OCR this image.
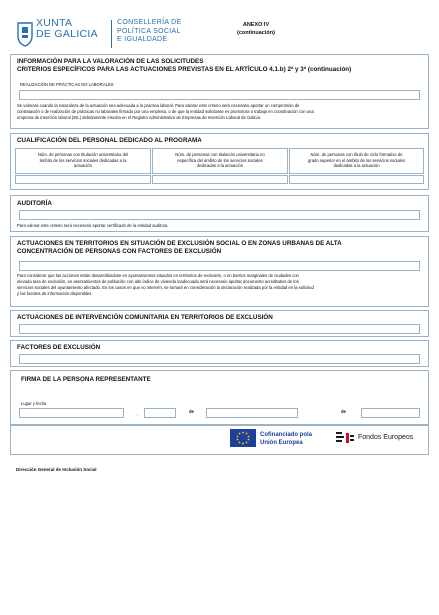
XUNTA
DE GALICIA
CONSELLERÍA DE
POLÍTICA SOCIAL
E IGUALDADE
ANEXO IV
(continuación)
INFORMACIÓN PARA LA VALORACIÓN DE LAS SOLICITUDES
CRITERIOS ESPECÍFICOS PARA LAS ACTUACIONES PREVISTAS EN EL ARTÍCULO 4.1.b) 2ª y 3ª (continuación)
REALIZACIÓN DE PRÁCTICAS NO LABORALES
Se valorará cuando la naturaleza de la actuación sea adecuada a la práctica laboral. Para valorar este criterio será necesario aportar un compromiso de
contratación o de realización de prácticas no laborales firmado por una empresa, o de que la entidad solicitante es promotora o trabaja en coordinación con una
empresa de inserción laboral (EIL) debidamente inscrita en el Registro Administrativo de Empresas de Inserción Laboral de Galicia.
CUALIFICACIÓN DEL PERSONAL DEDICADO AL PROGRAMA
Núm. de personas con titulación universitaria del
ámbito de los servicios sociales dedicadas a la
actuación
Núm. de personas con titulación universitaria no
específica del ámbito de los servicios sociales
dedicadas a la actuación
Núm. de personas con título de ciclo formativo de
grado superior en el ámbito de los servicios sociales
dedicadas a la actuación
AUDITORÍA
Para valorar este criterio será necesario aportar certificado de la entidad auditora.
ACTUACIONES EN TERRITORIOS EN SITUACIÓN DE EXCLUSIÓN SOCIAL O EN ZONAS URBANAS DE ALTA
CONCENTRACIÓN DE PERSONAS CON FACTORES DE EXCLUSIÓN
Para considerar que las acciones están desarrollándose en ayuntamientos situados en territorios de exclusión, o en barrios marginales de ciudades con
elevada tasa de exclusión, en asentamientos de población con alto índice de vivienda inadecuada será necesario aportar documento acreditativo de los
servicios sociales del ayuntamiento afectado. En los casos en que no intervén, se tomará en consideración la declaración realizada por la entidad en la solicitud
y las fuentes de información disponibles.
ACTUACIONES DE INTERVENCIÓN COMUNITARIA EN TERRITORIOS DE EXCLUSIÓN
FACTORES DE EXCLUSIÓN
FIRMA DE LA PERSONA REPRESENTANTE
Lugar y fecha
,	de	de
Cofinanciado pola
Unión Europea
Fondos Europeos
Dirección General de Inclusión Social
